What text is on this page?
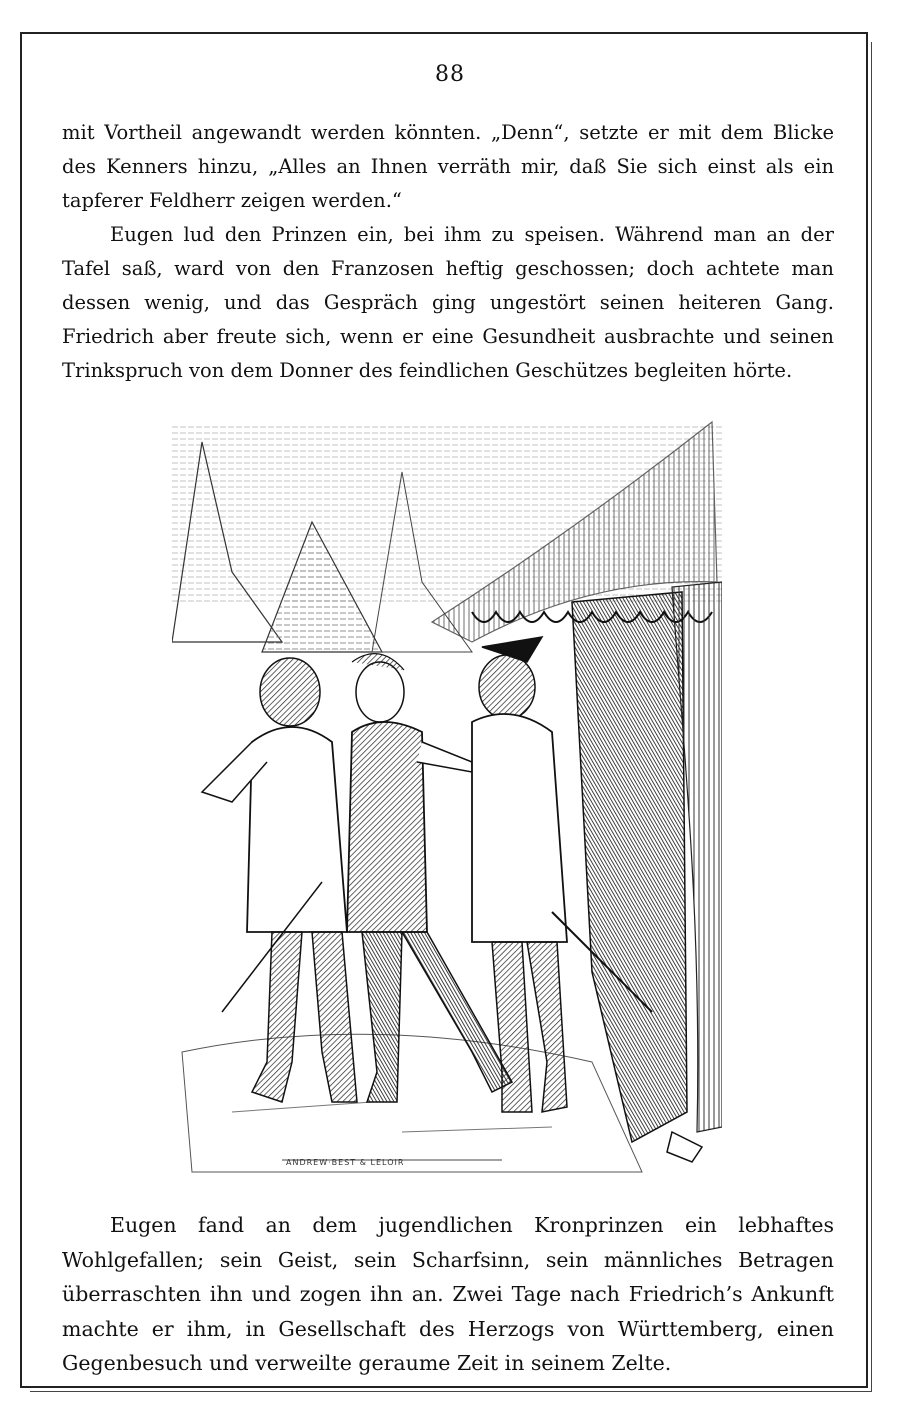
88

mit Vortheil angewandt werden könnten. „Denn“, setzte er mit dem Blicke des Kenners hinzu, „Alles an Ihnen verräth mir, daß Sie sich einst als ein tapferer Feldherr zeigen werden.“

Eugen lud den Prinzen ein, bei ihm zu speisen. Während man an der Tafel saß, ward von den Franzosen heftig geschossen; doch achtete man dessen wenig, und das Gespräch ging ungestört seinen heiteren Gang. Friedrich aber freute sich, wenn er eine Gesundheit ausbrachte und seinen Trinkspruch von dem Donner des feindlichen Geschützes begleiten hörte.

ANDREW·BEST & LELOIR

Eugen fand an dem jugendlichen Kronprinzen ein lebhaftes Wohlgefallen; sein Geist, sein Scharfsinn, sein männliches Betragen überraschten ihn und zogen ihn an. Zwei Tage nach Friedrich’s Ankunft machte er ihm, in Gesellschaft des Herzogs von Württemberg, einen Gegenbesuch und verweilte geraume Zeit in seinem Zelte.
